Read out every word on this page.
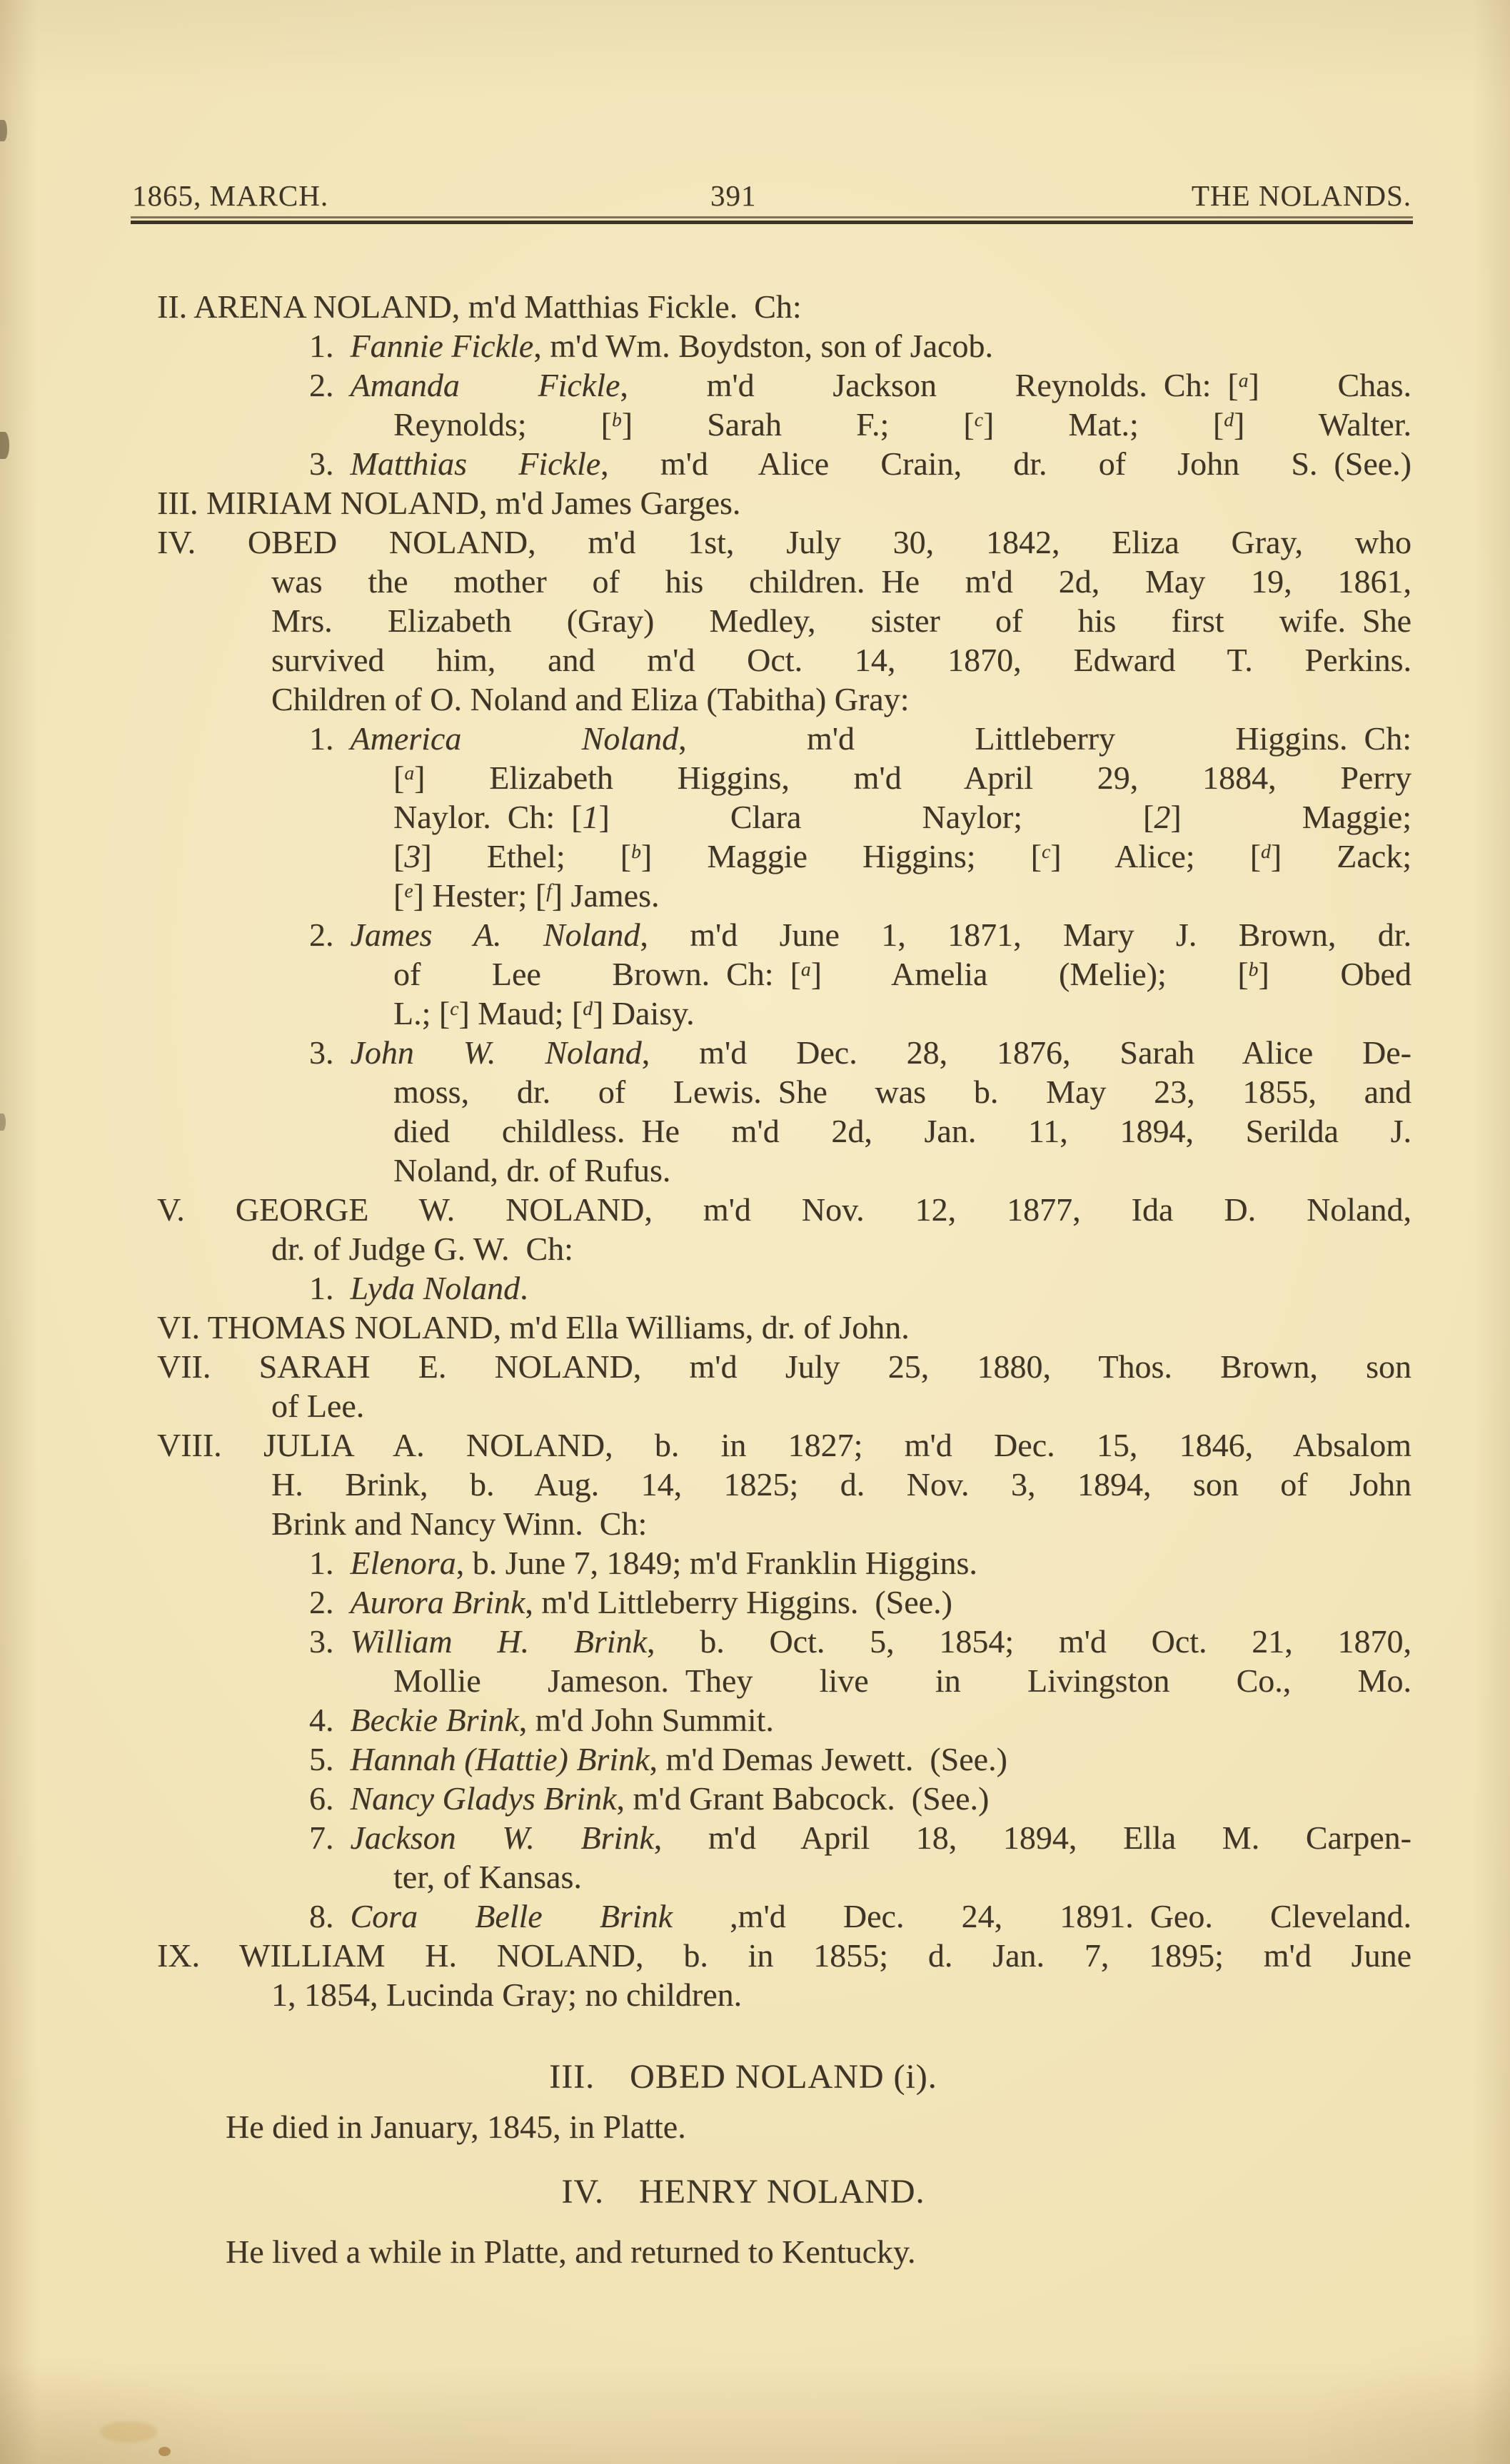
1865, MARCH.	391	THE NOLANDS.
II. ARENA NOLAND, m'd Matthias Fickle. Ch:
1. Fannie Fickle, m'd Wm. Boydston, son of Jacob.
2. Amanda Fickle, m'd Jackson Reynolds. Ch: [$^a$] Chas.
Reynolds; [$^b$] Sarah F.; [$^c$] Mat.; [$^d$] Walter.
3. Matthias Fickle, m'd Alice Crain, dr. of John S. (See.)
III. MIRIAM NOLAND, m'd James Garges.
IV. OBED NOLAND, m'd 1st, July 30, 1842, Eliza Gray, who
was the mother of his children. He m'd 2d, May 19, 1861,
Mrs. Elizabeth (Gray) Medley, sister of his first wife. She
survived him, and m'd Oct. 14, 1870, Edward T. Perkins.
Children of O. Noland and Eliza (Tabitha) Gray:
1. America Noland, m'd Littleberry Higgins. Ch:
[$^a$] Elizabeth Higgins, m'd April 29, 1884, Perry
Naylor. Ch: [1] Clara Naylor; [2] Maggie;
[3] Ethel; [$^b$] Maggie Higgins; [$^c$] Alice; [$^d$] Zack;
[$^e$] Hester; [$^f$] James.
2. James A. Noland, m'd June 1, 1871, Mary J. Brown, dr.
of Lee Brown. Ch: [$^a$] Amelia (Melie); [$^b$] Obed
L.; [$^c$] Maud; [$^d$] Daisy.
3. John W. Noland, m'd Dec. 28, 1876, Sarah Alice De-
moss, dr. of Lewis. She was b. May 23, 1855, and
died childless. He m'd 2d, Jan. 11, 1894, Serilda J.
Noland, dr. of Rufus.
V. GEORGE W. NOLAND, m'd Nov. 12, 1877, Ida D. Noland,
dr. of Judge G. W. Ch:
1. Lyda Noland.
VI. THOMAS NOLAND, m'd Ella Williams, dr. of John.
VII. SARAH E. NOLAND, m'd July 25, 1880, Thos. Brown, son
of Lee.
VIII. JULIA A. NOLAND, b. in 1827; m'd Dec. 15, 1846, Absalom
H. Brink, b. Aug. 14, 1825; d. Nov. 3, 1894, son of John
Brink and Nancy Winn. Ch:
1. Elenora, b. June 7, 1849; m'd Franklin Higgins.
2. Aurora Brink, m'd Littleberry Higgins. (See.)
3. William H. Brink, b. Oct. 5, 1854; m'd Oct. 21, 1870,
Mollie Jameson. They live in Livingston Co., Mo.
4. Beckie Brink, m'd John Summit.
5. Hannah (Hattie) Brink, m'd Demas Jewett. (See.)
6. Nancy Gladys Brink, m'd Grant Babcock. (See.)
7. Jackson W. Brink, m'd April 18, 1894, Ella M. Carpen-
ter, of Kansas.
8. Cora Belle Brink ,m'd Dec. 24, 1891. Geo. Cleveland.
IX. WILLIAM H. NOLAND, b. in 1855; d. Jan. 7, 1895; m'd June
1, 1854, Lucinda Gray; no children.
III. OBED NOLAND (i).
He died in January, 1845, in Platte.
IV. HENRY NOLAND.
He lived a while in Platte, and returned to Kentucky.
